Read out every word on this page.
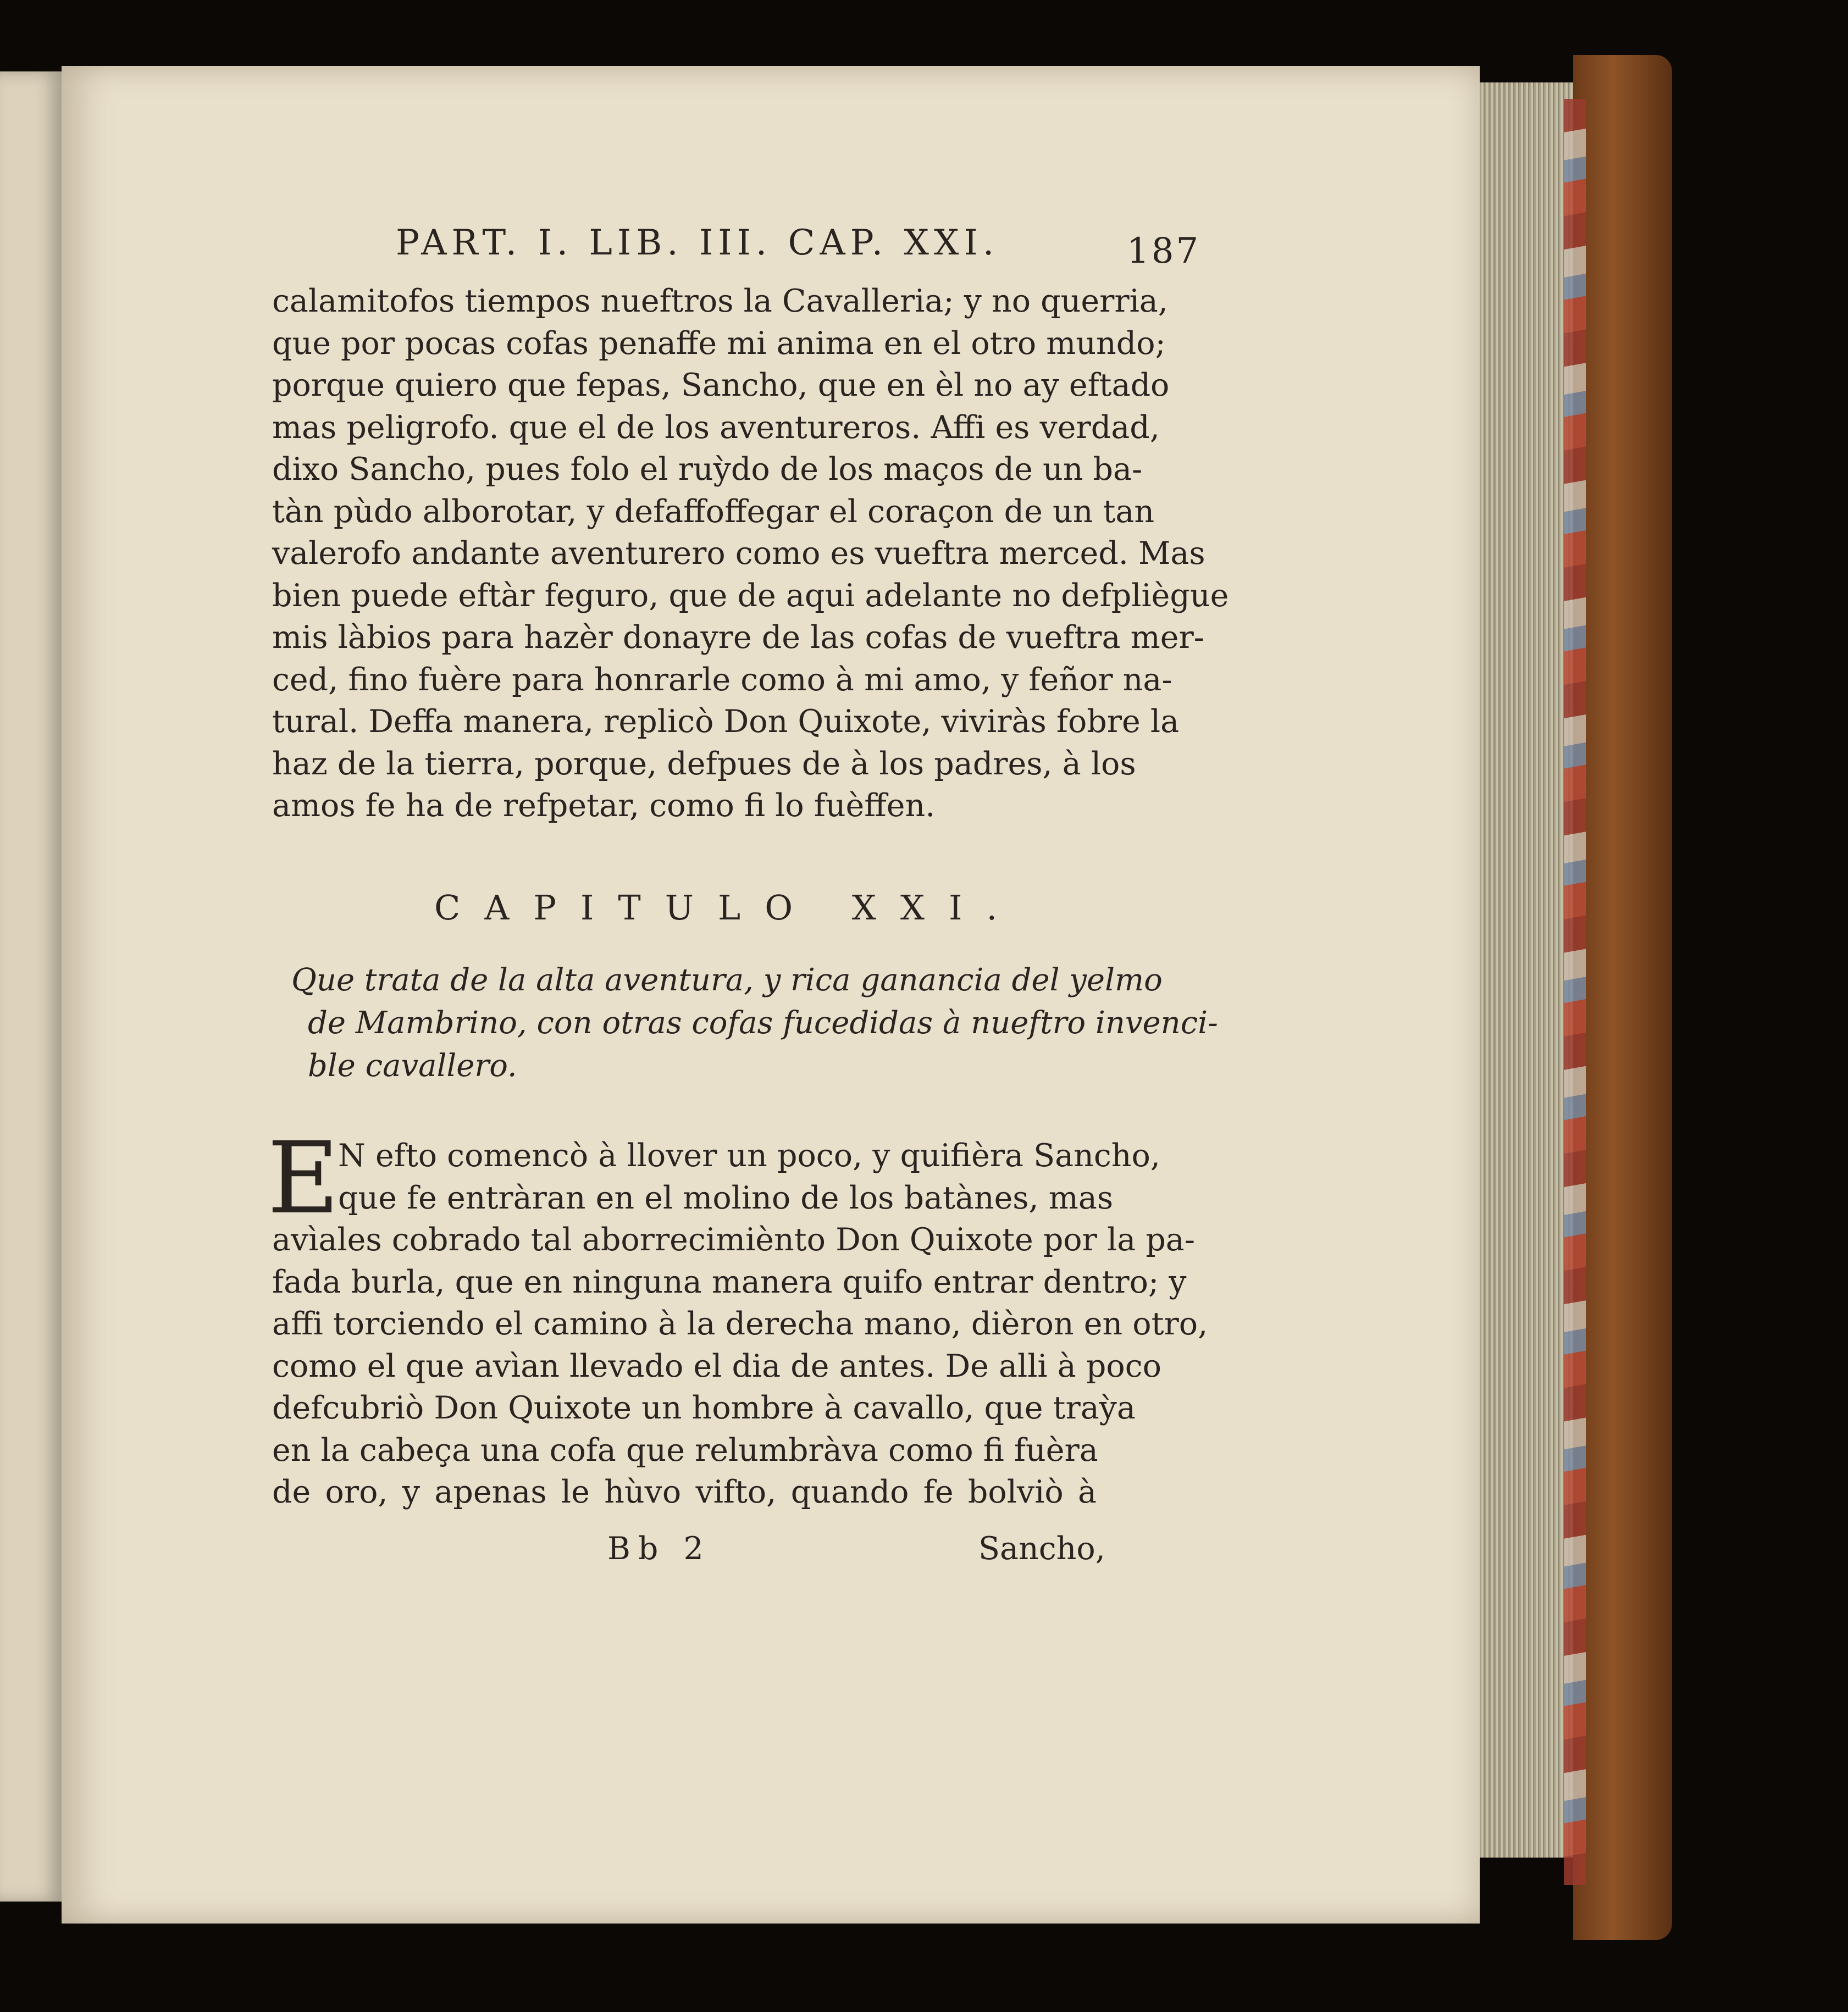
PART. I. LIB. III. CAP. XXI.	187
calamitofos tiempos nueftros la Cavalleria; y no querria,
que por pocas cofas penaffe mi anima en el otro mundo;
porque quiero que fepas, Sancho, que en èl no ay eftado
mas peligrofo. que el de los aventureros. Affi es verdad,
dixo Sancho, pues folo el ruỳdo de los maços de un ba-
tàn pùdo alborotar, y defaffoffegar el coraçon de un tan
valerofo andante aventurero como es vueftra merced. Mas
bien puede eftàr feguro, que de aqui adelante no defpliègue
mis làbios para hazèr donayre de las cofas de vueftra mer-
ced, fino fuère para honrarle como à mi amo, y feñor na-
tural. Deffa manera, replicò Don Quixote, viviràs fobre la
haz de la tierra, porque, defpues de à los padres, à los
amos fe ha de refpetar, como fi lo fuèffen.
CAPITULO XXI.
Que trata de la alta aventura, y rica ganancia del yelmo
de Mambrino, con otras cofas fucedidas à nueftro invenci-
ble cavallero.
E
N efto comencò à llover un poco, y quifièra Sancho,
que fe entràran en el molino de los batànes, mas
avìales cobrado tal aborrecimiènto Don Quixote por la pa-
fada burla, que en ninguna manera quifo entrar dentro; y
affi torciendo el camino à la derecha mano, dièron en otro,
como el que avìan llevado el dia de antes. De alli à poco
defcubriò Don Quixote un hombre à cavallo, que traỳa
en la cabeça una cofa que relumbràva como fi fuèra
de oro, y apenas le hùvo vifto, quando fe bolviò à
Bb 2	Sancho,
